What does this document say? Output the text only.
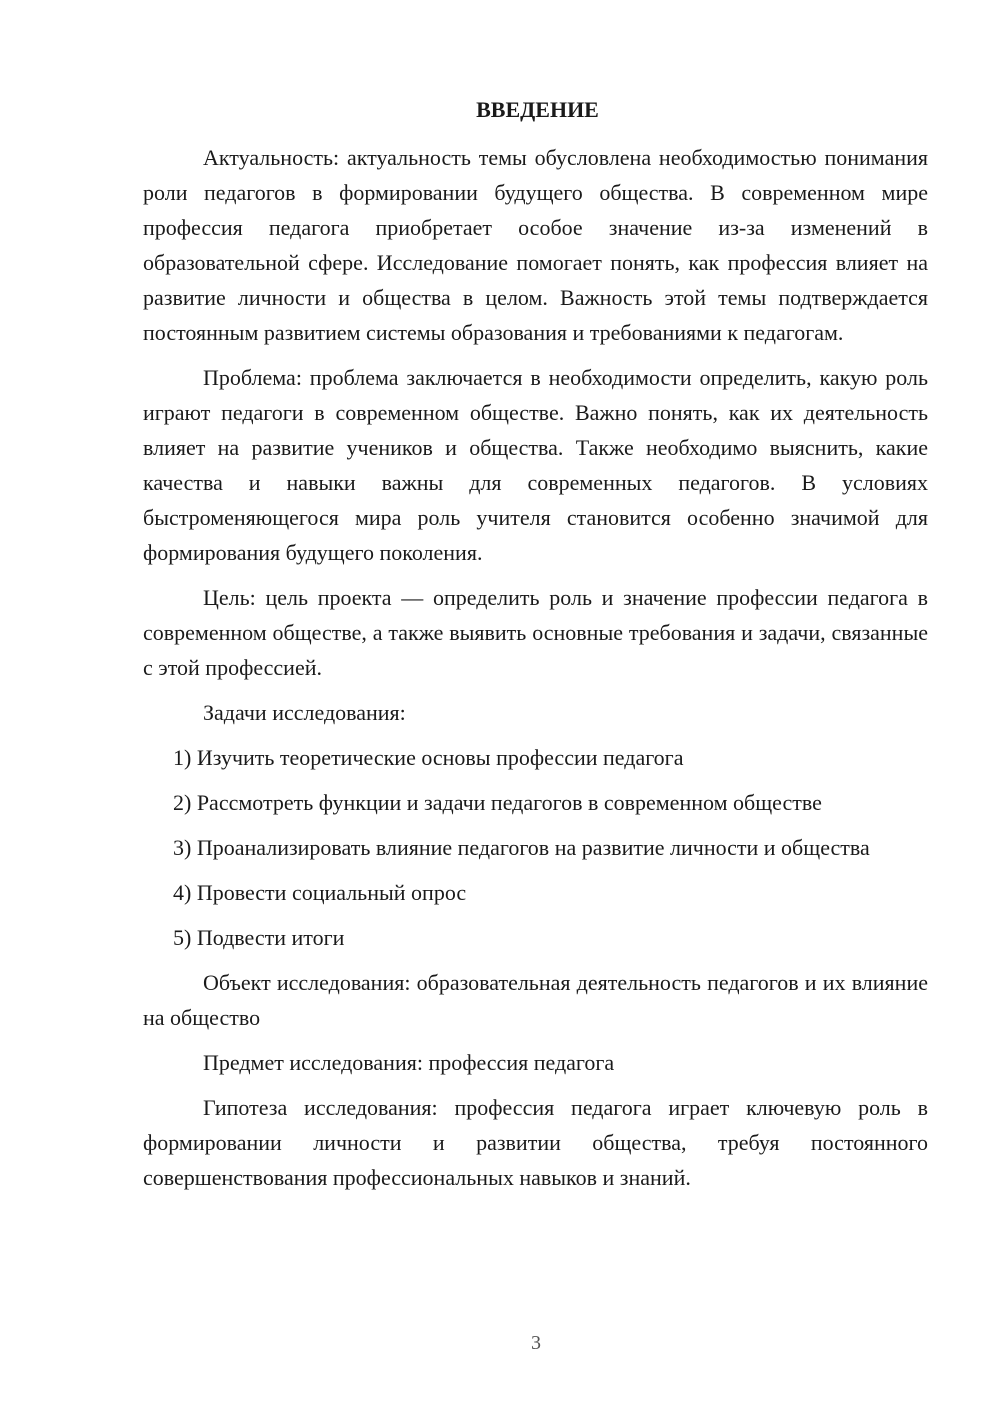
ВВЕДЕНИЕ

Актуальность: актуальность темы обусловлена необходимостью понимания роли педагогов в формировании будущего общества. В современном мире профессия педагога приобретает особое значение из-за изменений в образовательной сфере. Исследование помогает понять, как профессия влияет на развитие личности и общества в целом. Важность этой темы подтверждается постоянным развитием системы образования и требованиями к педагогам.

Проблема: проблема заключается в необходимости определить, какую роль играют педагоги в современном обществе. Важно понять, как их деятельность влияет на развитие учеников и общества. Также необходимо выяснить, какие качества и навыки важны для современных педагогов. В условиях быстроменяющегося мира роль учителя становится особенно значимой для формирования будущего поколения.

Цель: цель проекта — определить роль и значение профессии педагога в современном обществе, а также выявить основные требования и задачи, связанные с этой профессией.

Задачи исследования:

1) Изучить теоретические основы профессии педагога

2) Рассмотреть функции и задачи педагогов в современном обществе

3) Проанализировать влияние педагогов на развитие личности и общества

4) Провести социальный опрос

5) Подвести итоги

Объект исследования: образовательная деятельность педагогов и их влияние на общество

Предмет исследования: профессия педагога

Гипотеза исследования: профессия педагога играет ключевую роль в формировании личности и развитии общества, требуя постоянного совершенствования профессиональных навыков и знаний.

3
